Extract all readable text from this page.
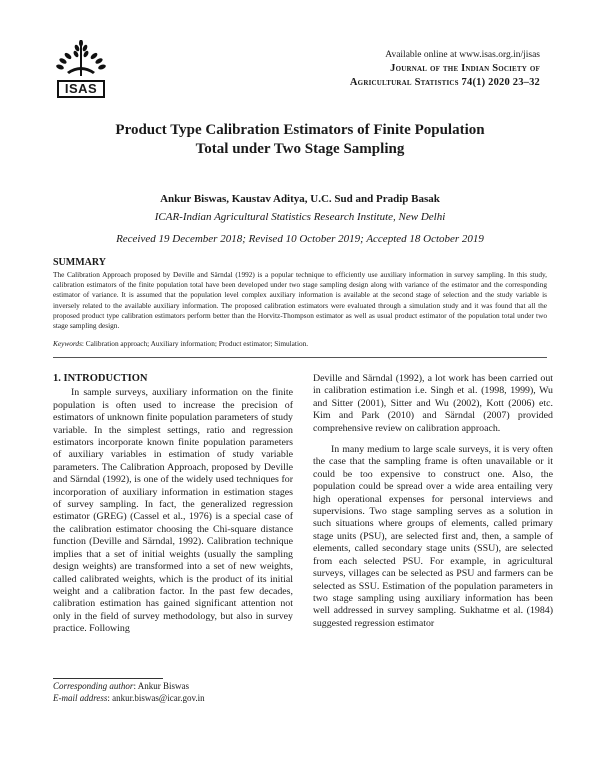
ISAS
Available online at www.isas.org.in/jisas
Journal of the Indian Society of
Agricultural Statistics 74(1) 2020 23–32
Product Type Calibration Estimators of Finite Population
Total under Two Stage Sampling
Ankur Biswas, Kaustav Aditya, U.C. Sud and Pradip Basak
ICAR-Indian Agricultural Statistics Research Institute, New Delhi
Received 19 December 2018; Revised 10 October 2019; Accepted 18 October 2019
SUMMARY
The Calibration Approach proposed by Deville and Särndal (1992) is a popular technique to efficiently use auxiliary information in survey sampling. In this study, calibration estimators of the finite population total have been developed under two stage sampling design along with variance of the estimator and the corresponding estimator of variance. It is assumed that the population level complex auxiliary information is available at the second stage of selection and the study variable is inversely related to the available auxiliary information. The proposed calibration estimators were evaluated through a simulation study and it was found that all the proposed product type calibration estimators perform better than the Horvitz-Thompson estimator as well as usual product estimator of the population total under two stage sampling design.
Keywords: Calibration approach; Auxiliary information; Product estimator; Simulation.
1. INTRODUCTION

In sample surveys, auxiliary information on the finite population is often used to increase the precision of estimators of unknown finite population parameters of study variable. In the simplest settings, ratio and regression estimators incorporate known finite population parameters of auxiliary variables in estimation of study variable parameters. The Calibration Approach, proposed by Deville and Särndal (1992), is one of the widely used techniques for incorporation of auxiliary information in estimation stages of survey sampling. In fact, the generalized regression estimator (GREG) (Cassel et al., 1976) is a special case of the calibration estimator choosing the Chi-square distance function (Deville and Särndal, 1992). Calibration technique implies that a set of initial weights (usually the sampling design weights) are transformed into a set of new weights, called calibrated weights, which is the product of its initial weight and a calibration factor. In the past few decades, calibration estimation has gained significant attention not only in the field of survey methodology, but also in survey practice. Following

Deville and Särndal (1992), a lot work has been carried out in calibration estimation i.e. Singh et al. (1998, 1999), Wu and Sitter (2001), Sitter and Wu (2002), Kott (2006) etc. Kim and Park (2010) and Särndal (2007) provided comprehensive review on calibration approach.

In many medium to large scale surveys, it is very often the case that the sampling frame is often unavailable or it could be too expensive to construct one. Also, the population could be spread over a wide area entailing very high operational expenses for personal interviews and supervisions. Two stage sampling serves as a solution in such situations where groups of elements, called primary stage units (PSU), are selected first and, then, a sample of elements, called secondary stage units (SSU), are selected from each selected PSU. For example, in agricultural surveys, villages can be selected as PSU and farmers can be selected as SSU. Estimation of the population parameters in two stage sampling using auxiliary information has been well addressed in survey sampling. Sukhatme et al. (1984) suggested regression estimator

Corresponding author: Ankur Biswas
E-mail address: ankur.biswas@icar.gov.in
